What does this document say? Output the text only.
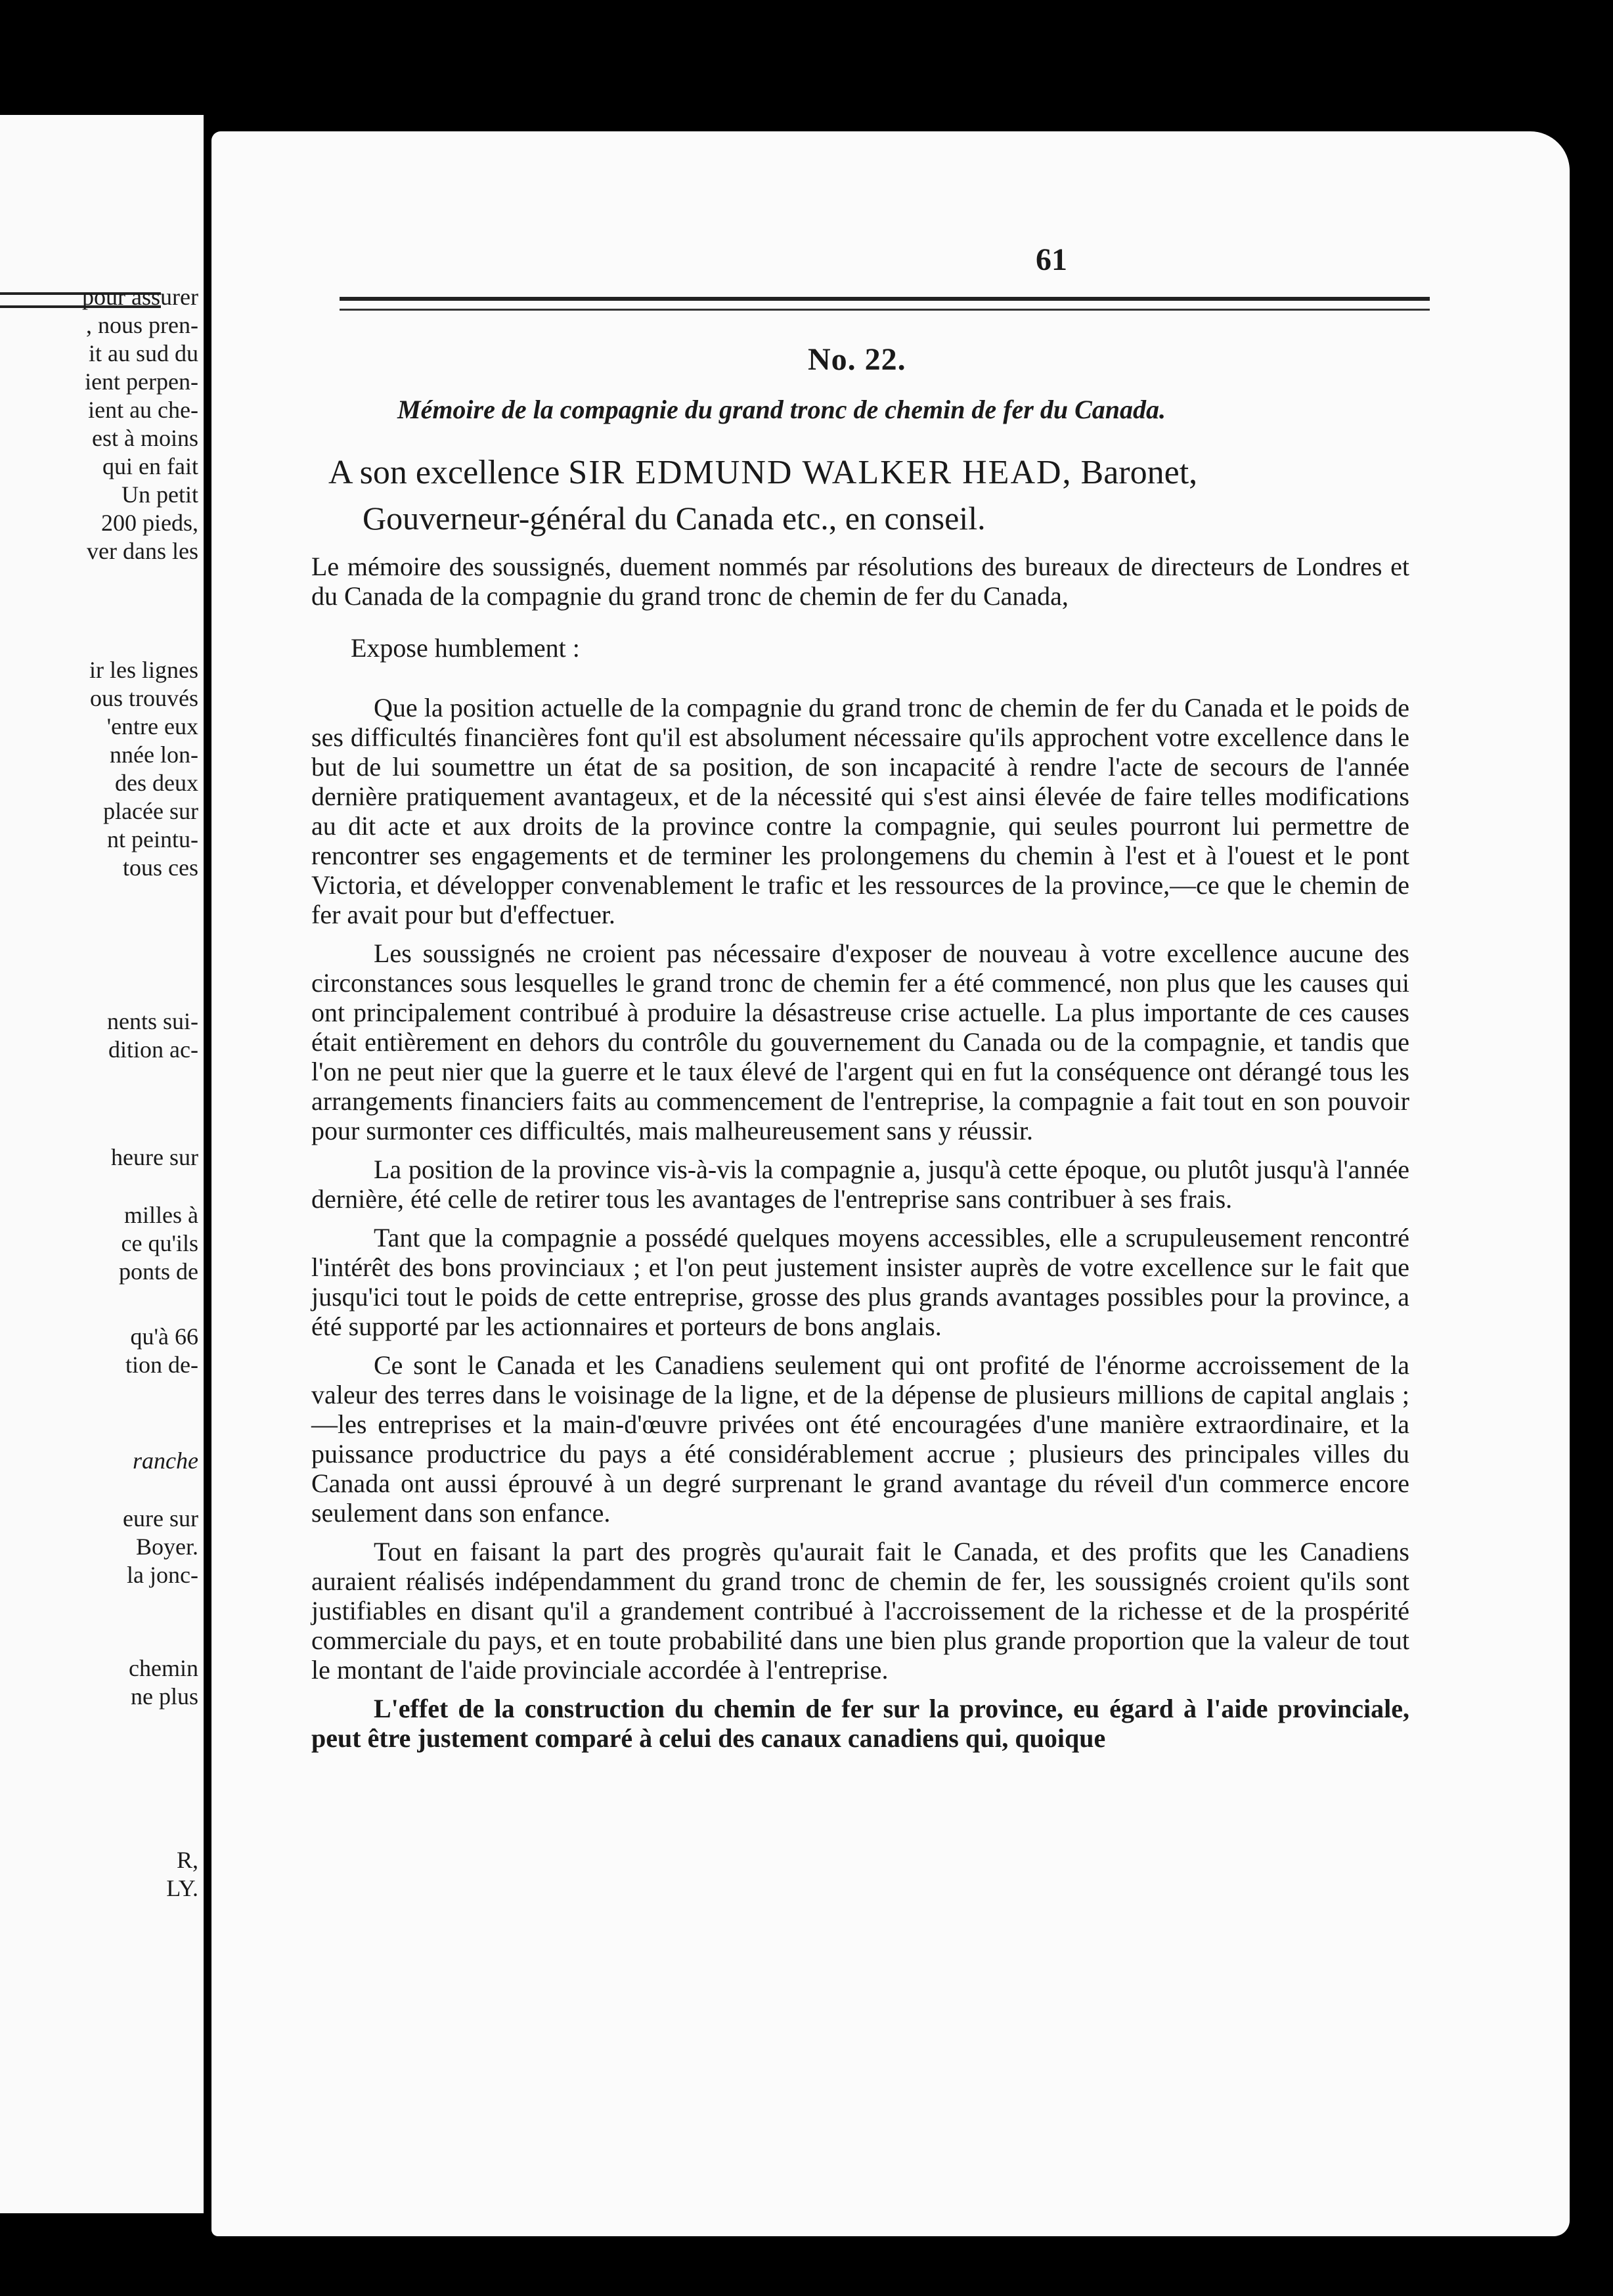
pour assurer
, nous pren-
it au sud du
ient perpen-
ient au che-
est à moins
qui en fait
Un petit
200 pieds,
ver dans les
ir les lignes
ous trouvés
'entre eux
nnée lon-
des deux
placée sur
nt peintu-
tous ces
nents sui-
dition ac-
heure sur
milles à
ce qu'ils
ponts de
qu'à 66
tion de-
ranche
eure sur
Boyer.
la jonc-
chemin
ne plus
R,
LY.
61
No. 22.
Mémoire de la compagnie du grand tronc de chemin de fer du Canada.
A son excellence SIR EDMUND WALKER HEAD, Baronet,
Gouverneur-général du Canada etc., en conseil.

Le mémoire des soussignés, duement nommés par résolutions des bureaux de directeurs de Londres et du Canada de la compagnie du grand tronc de chemin de fer du Canada,

Expose humblement :

Que la position actuelle de la compagnie du grand tronc de chemin de fer du Canada et le poids de ses difficultés financières font qu'il est absolument nécessaire qu'ils approchent votre excellence dans le but de lui soumettre un état de sa position, de son incapacité à rendre l'acte de secours de l'année dernière pratiquement avantageux, et de la nécessité qui s'est ainsi élevée de faire telles modifications au dit acte et aux droits de la province contre la compagnie, qui seules pourront lui permettre de rencontrer ses engagements et de terminer les prolongemens du chemin à l'est et à l'ouest et le pont Victoria, et développer convenablement le trafic et les ressources de la province,—ce que le chemin de fer avait pour but d'effectuer.

Les soussignés ne croient pas nécessaire d'exposer de nouveau à votre excellence aucune des circonstances sous lesquelles le grand tronc de chemin fer a été commencé, non plus que les causes qui ont principalement contribué à produire la désastreuse crise actuelle. La plus importante de ces causes était entièrement en dehors du contrôle du gouvernement du Canada ou de la compagnie, et tandis que l'on ne peut nier que la guerre et le taux élevé de l'argent qui en fut la conséquence ont dérangé tous les arrangements financiers faits au commencement de l'entreprise, la compagnie a fait tout en son pouvoir pour surmonter ces difficultés, mais malheureusement sans y réussir.

La position de la province vis-à-vis la compagnie a, jusqu'à cette époque, ou plutôt jusqu'à l'année dernière, été celle de retirer tous les avantages de l'entreprise sans contribuer à ses frais.

Tant que la compagnie a possédé quelques moyens accessibles, elle a scrupuleusement rencontré l'intérêt des bons provinciaux ; et l'on peut justement insister auprès de votre excellence sur le fait que jusqu'ici tout le poids de cette entreprise, grosse des plus grands avantages possibles pour la province, a été supporté par les actionnaires et porteurs de bons anglais.

Ce sont le Canada et les Canadiens seulement qui ont profité de l'énorme accroissement de la valeur des terres dans le voisinage de la ligne, et de la dépense de plusieurs millions de capital anglais ;—les entreprises et la main-d'œuvre privées ont été encouragées d'une manière extraordinaire, et la puissance productrice du pays a été considérablement accrue ; plusieurs des principales villes du Canada ont aussi éprouvé à un degré surprenant le grand avantage du réveil d'un commerce encore seulement dans son enfance.

Tout en faisant la part des progrès qu'aurait fait le Canada, et des profits que les Canadiens auraient réalisés indépendamment du grand tronc de chemin de fer, les soussignés croient qu'ils sont justifiables en disant qu'il a grandement contribué à l'accroissement de la richesse et de la prospérité commerciale du pays, et en toute probabilité dans une bien plus grande proportion que la valeur de tout le montant de l'aide provinciale accordée à l'entreprise.

L'effet de la construction du chemin de fer sur la province, eu égard à l'aide provinciale, peut être justement comparé à celui des canaux canadiens qui, quoique
